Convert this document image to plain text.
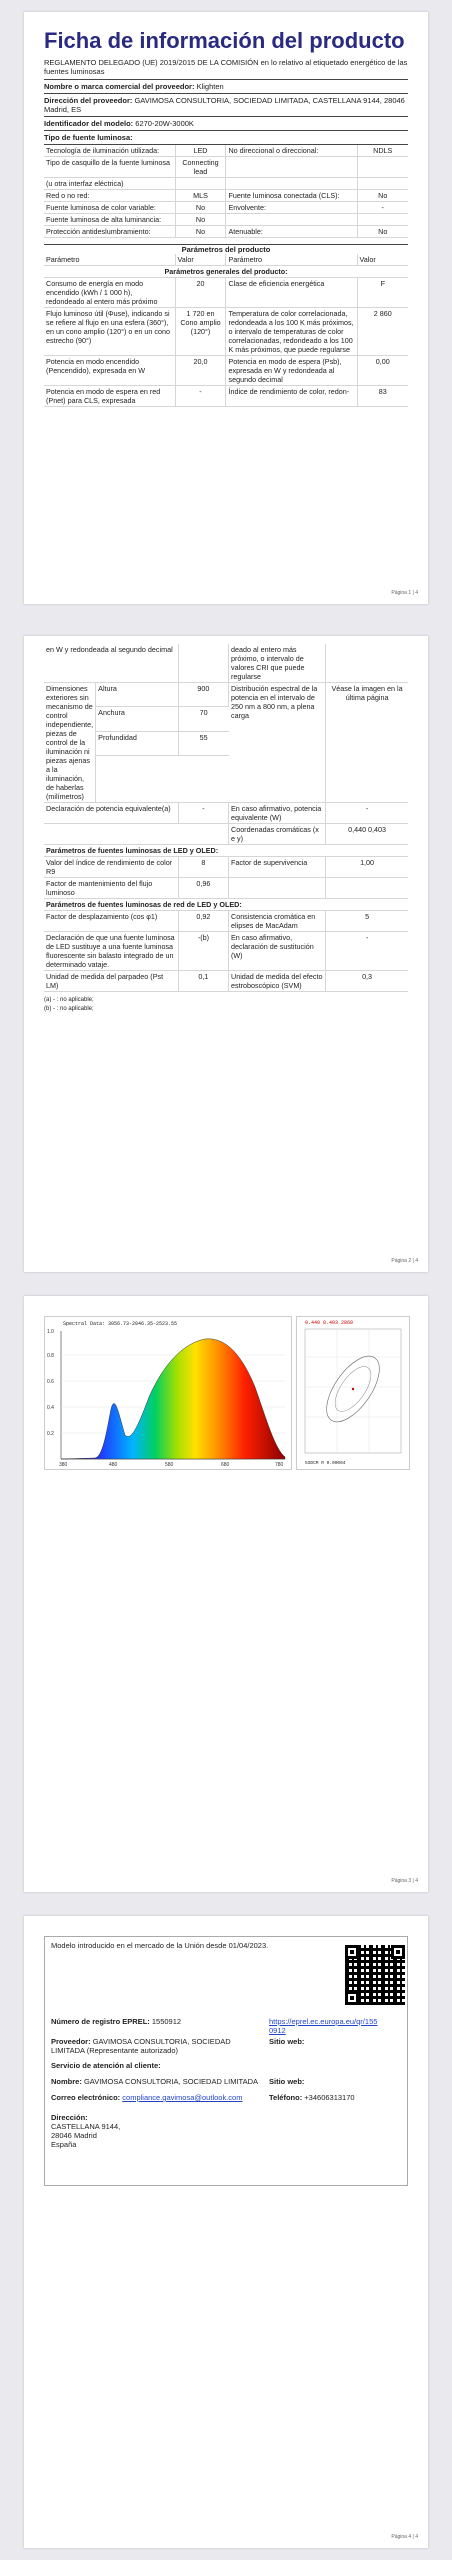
Ficha de información del producto
REGLAMENTO DELEGADO (UE) 2019/2015 DE LA COMISIÓN en lo relativo al etiquetado energético de las fuentes luminosas
Nombre o marca comercial del proveedor: Klighten
Dirección del proveedor: GAVIMOSA CONSULTORIA, SOCIEDAD LIMITADA, CASTELLANA 9144, 28046 Madrid, ES
Identificador del modelo: 6270-20W-3000K
Tipo de fuente luminosa:
Tecnología de iluminación utilizada:	LED	No direccional o direccional:	NDLS
Tipo de casquillo de la fuente luminosa	Connecting lead		
(u otra interfaz eléctrica)			
Red o no red:	MLS	Fuente luminosa conectada (CLS):	No
Fuente luminosa de color variable:	No	Envolvente:	-
Fuente luminosa de alta luminancia:	No		
Protección antideslumbramiento:	No	Atenuable:	No
Parámetros del producto
Parámetro	Valor	Parámetro	Valor
Parámetros generales del producto:			
Consumo de energía en modo encendido (kWh / 1 000 h), redondeado al entero más próximo	20	Clase de eficiencia energética	F
Flujo luminoso útil (Φuse), indicando si se refiere al flujo en una esfera (360°), en un cono amplio (120°) o en un cono estrecho (90°)	1 720 en Cono amplio (120°)	Temperatura de color correlacionada, redondeada a los 100 K más próximos, o intervalo de temperaturas de color correlacionadas, redondeado a los 100 K más próximos, que puede regularse	2 860
Potencia en modo encendido (Pencendido), expresada en W	20,0	Potencia en modo de espera (Psb), expresada en W y redondeada al segundo decimal	0,00
Potencia en modo de espera en red (Pnet) para CLS, expresada	-	Índice de rendimiento de color, redon-	83
Página 1 | 4
en W y redondeada al segundo decimal			deado al entero más próximo, o intervalo de valores CRI que puede regularse	
Dimensiones exteriores sin mecanismo de control independiente, piezas de control de la iluminación ni piezas ajenas a la iluminación, de haberlas (milímetros)	Altura	900	Distribución espectral de la potencia en el intervalo de 250 nm a 800 nm, a plena carga	Véase la imagen en la última página
	Anchura	70		
	Profundidad	55		

Declaración de potencia equivalente(a)		-	En caso afirmativo, potencia equivalente (W)	-
			Coordenadas cromáticas (x e y)	0,440 0,403
Parámetros de fuentes luminosas de LED y OLED:				
Valor del índice de rendimiento de color R9		8	Factor de supervivencia	1,00
Factor de mantenimiento del flujo luminoso		0,96		
Parámetros de fuentes luminosas de red de LED y OLED:				
Factor de desplazamiento (cos φ1)		0,92	Consistencia cromática en elipses de MacAdam	5
Declaración de que una fuente luminosa de LED sustituye a una fuente luminosa fluorescente sin balasto integrado de un determinado vataje.		-(b)	En caso afirmativo, declaración de sustitución (W)	-
Unidad de medida del parpadeo (Pst LM)		0,1	Unidad de medida del efecto estroboscópico (SVM)	0,3
(a) - : no aplicable;
(b) - : no aplicable;
Página 2 | 4
Spectral Data: 3056.73-2046.35-2523.55
380	480	580	680	780
1.0
0.8
0.6
0.4
0.2
0.440 0.403 2860
5SDCM R 0.00004
Página 3 | 4
Modelo introducido en el mercado de la Unión desde 01/04/2023.
Número de registro EPREL: 1550912	https://eprel.ec.europa.eu/qr/1550912
Proveedor: GAVIMOSA CONSULTORIA, SOCIEDAD LIMITADA (Representante autorizado)
Sitio web:
Servicio de atención al cliente:
Nombre: GAVIMOSA CONSULTORIA, SOCIEDAD LIMITADA	Sitio web:
Correo electrónico: compliance.gavimosa@outlook.com	Teléfono: +34606313170
Dirección:
CASTELLANA 9144,
28046 Madrid
España
Página 4 | 4
